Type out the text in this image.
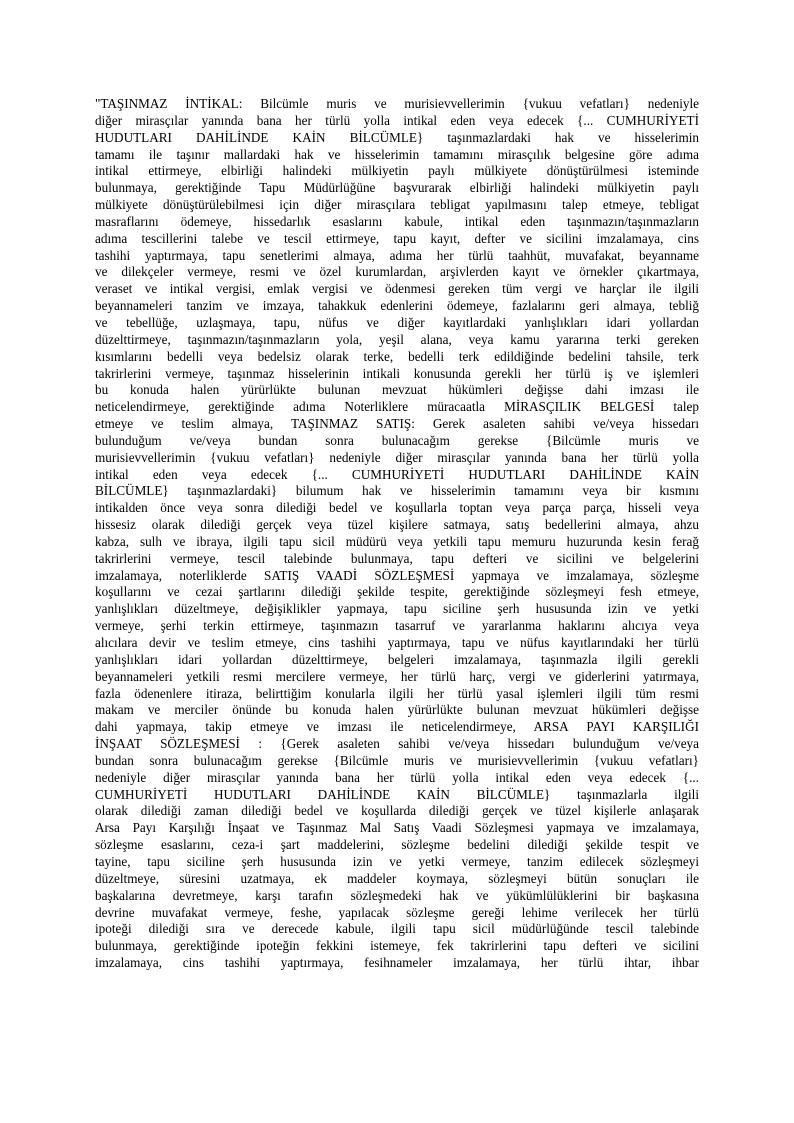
"TAŞINMAZ İNTİKAL: Bilcümle muris ve murisievvellerimin {vukuu vefatları} nedeniyle
diğer mirasçılar yanında bana her türlü yolla intikal eden veya edecek {... CUMHURİYETİ
HUDUTLARI DAHİLİNDE KAİN BİLCÜMLE} taşınmazlardaki hak ve hisselerimin
tamamı ile taşınır mallardaki hak ve hisselerimin tamamını mirasçılık belgesine göre adıma
intikal ettirmeye, elbirliği halindeki mülkiyetin paylı mülkiyete dönüştürülmesi isteminde
bulunmaya, gerektiğinde Tapu Müdürlüğüne başvurarak elbirliği halindeki mülkiyetin paylı
mülkiyete dönüştürülebilmesi için diğer mirasçılara tebligat yapılmasını talep etmeye, tebligat
masraflarını ödemeye, hissedarlık esaslarını kabule, intikal eden taşınmazın/taşınmazların
adıma tescillerini talebe ve tescil ettirmeye, tapu kayıt, defter ve sicilini imzalamaya, cins
tashihi yaptırmaya, tapu senetlerimi almaya, adıma her türlü taahhüt, muvafakat, beyanname
ve dilekçeler vermeye, resmi ve özel kurumlardan, arşivlerden kayıt ve örnekler çıkartmaya,
veraset ve intikal vergisi, emlak vergisi ve ödenmesi gereken tüm vergi ve harçlar ile ilgili
beyannameleri tanzim ve imzaya, tahakkuk edenlerini ödemeye, fazlalarını geri almaya, tebliğ
ve tebellüğe, uzlaşmaya, tapu, nüfus ve diğer kayıtlardaki yanlışlıkları idari yollardan
düzelttirmeye, taşınmazın/taşınmazların yola, yeşil alana, veya kamu yararına terki gereken
kısımlarını bedelli veya bedelsiz olarak terke, bedelli terk edildiğinde bedelini tahsile, terk
takrirlerini vermeye, taşınmaz hisselerinin intikali konusunda gerekli her türlü iş ve işlemleri
bu konuda halen yürürlükte bulunan mevzuat hükümleri değişse dahi imzası ile
neticelendirmeye, gerektiğinde adıma Noterliklere müracaatla MİRASÇILIK BELGESİ talep
etmeye ve teslim almaya, TAŞINMAZ SATIŞ: Gerek asaleten sahibi ve/veya hissedarı
bulunduğum ve/veya bundan sonra bulunacağım gerekse {Bilcümle muris ve
murisievvellerimin {vukuu vefatları} nedeniyle diğer mirasçılar yanında bana her türlü yolla
intikal eden veya edecek {... CUMHURİYETİ HUDUTLARI DAHİLİNDE KAİN
BİLCÜMLE} taşınmazlardaki} bilumum hak ve hisselerimin tamamını veya bir kısmını
intikalden önce veya sonra dilediği bedel ve koşullarla toptan veya parça parça, hisseli veya
hissesiz olarak dilediği gerçek veya tüzel kişilere satmaya, satış bedellerini almaya, ahzu
kabza, sulh ve ibraya, ilgili tapu sicil müdürü veya yetkili tapu memuru huzurunda kesin ferağ
takrirlerini vermeye, tescil talebinde bulunmaya, tapu defteri ve sicilini ve belgelerini
imzalamaya, noterliklerde SATIŞ VAADİ SÖZLEŞMESİ yapmaya ve imzalamaya, sözleşme
koşullarını ve cezai şartlarını dilediği şekilde tespite, gerektiğinde sözleşmeyi fesh etmeye,
yanlışlıkları düzeltmeye, değişiklikler yapmaya, tapu siciline şerh hususunda izin ve yetki
vermeye, şerhi terkin ettirmeye, taşınmazın tasarruf ve yararlanma haklarını alıcıya veya
alıcılara devir ve teslim etmeye, cins tashihi yaptırmaya, tapu ve nüfus kayıtlarındaki her türlü
yanlışlıkları idari yollardan düzelttirmeye, belgeleri imzalamaya, taşınmazla ilgili gerekli
beyannameleri yetkili resmi mercilere vermeye, her türlü harç, vergi ve giderlerini yatırmaya,
fazla ödenenlere itiraza, belirttiğim konularla ilgili her türlü yasal işlemleri ilgili tüm resmi
makam ve merciler önünde bu konuda halen yürürlükte bulunan mevzuat hükümleri değişse
dahi yapmaya, takip etmeye ve imzası ile neticelendirmeye, ARSA PAYI KARŞILIĞI
İNŞAAT SÖZLEŞMESİ : {Gerek asaleten sahibi ve/veya hissedarı bulunduğum ve/veya
bundan sonra bulunacağım gerekse {Bilcümle muris ve murisievvellerimin {vukuu vefatları}
nedeniyle diğer mirasçılar yanında bana her türlü yolla intikal eden veya edecek {...
CUMHURİYETİ HUDUTLARI DAHİLİNDE KAİN BİLCÜMLE} taşınmazlarla ilgili
olarak dilediği zaman dilediği bedel ve koşullarda dilediği gerçek ve tüzel kişilerle anlaşarak
Arsa Payı Karşılığı İnşaat ve Taşınmaz Mal Satış Vaadi Sözleşmesi yapmaya ve imzalamaya,
sözleşme esaslarını, ceza-i şart maddelerini, sözleşme bedelini dilediği şekilde tespit ve
tayine, tapu siciline şerh hususunda izin ve yetki vermeye, tanzim edilecek sözleşmeyi
düzeltmeye, süresini uzatmaya, ek maddeler koymaya, sözleşmeyi bütün sonuçları ile
başkalarına devretmeye, karşı tarafın sözleşmedeki hak ve yükümlülüklerini bir başkasına
devrine muvafakat vermeye, feshe, yapılacak sözleşme gereği lehime verilecek her türlü
ipoteği dilediği sıra ve derecede kabule, ilgili tapu sicil müdürlüğünde tescil talebinde
bulunmaya, gerektiğinde ipoteğin fekkini istemeye, fek takrirlerini tapu defteri ve sicilini
imzalamaya, cins tashihi yaptırmaya, fesihnameler imzalamaya, her türlü ihtar, ihbar
